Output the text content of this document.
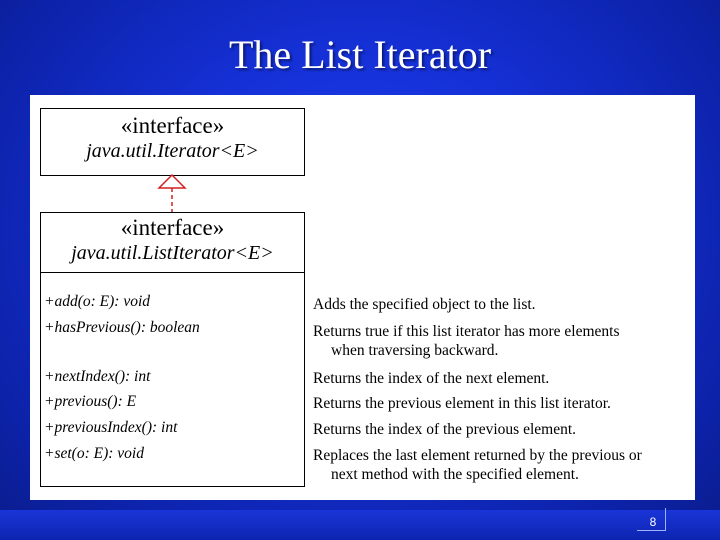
The List Iterator
«interface»
java.util.Iterator<E>
«interface»
java.util.ListIterator<E>
+add(o: E): void
+hasPrevious(): boolean
+nextIndex(): int
+previous(): E
+previousIndex(): int
+set(o: E): void
Adds the specified object to the list.
Returns true if this list iterator has more elements
when traversing backward.
Returns the index of the next element.
Returns the previous element in this list iterator.
Returns the index of the previous element.
Replaces the last element returned by the previous or
next method with the specified element.
8
